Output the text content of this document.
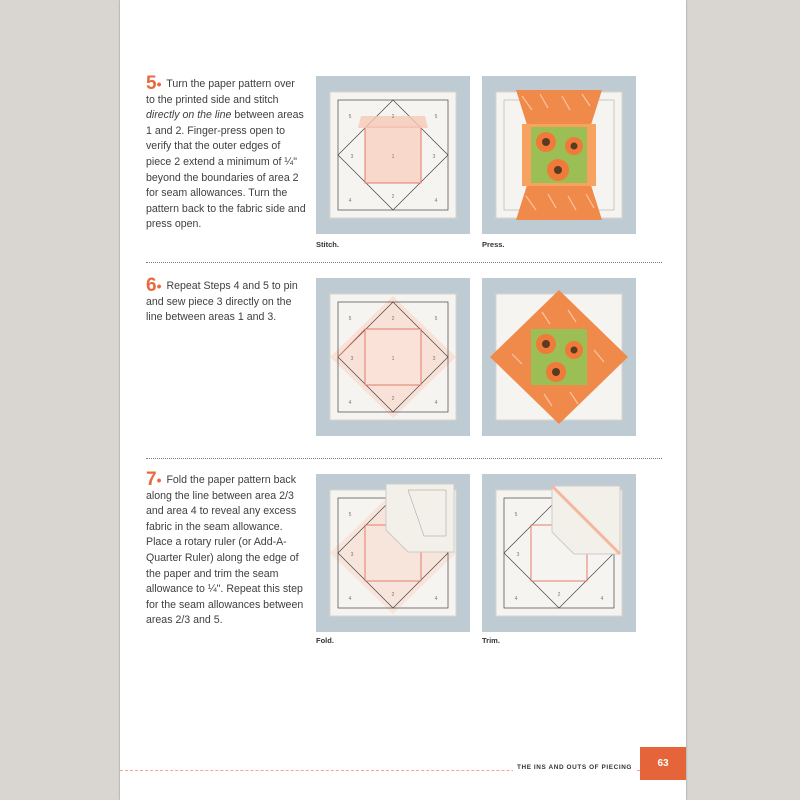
5• Turn the paper pattern over to the printed side and stitch directly on the line between areas 1 and 2. Finger-press open to verify that the outer edges of piece 2 extend a minimum of ¼" beyond the boundaries of area 2 for seam allowances. Turn the pattern back to the fabric side and press open.
1
2
2
3	3
5	5
4	4
Stitch.	Press.
6• Repeat Steps 4 and 5 to pin and sew piece 3 directly on the line between areas 1 and 3.
1
3	3
2
2
5	5
4	4
7• Fold the paper pattern back along the line between area 2/3 and area 4 to reveal any excess fabric in the seam allowance. Place a rotary ruler (or Add-A-Quarter Ruler) along the edge of the paper and trim the seam allowance to ¼". Repeat this step for the seam allowances between areas 2/3 and 5.
3
5
4
2
4
Fold.
5
3
4
2
4
Trim.
THE INS AND OUTS OF PIECING	63
